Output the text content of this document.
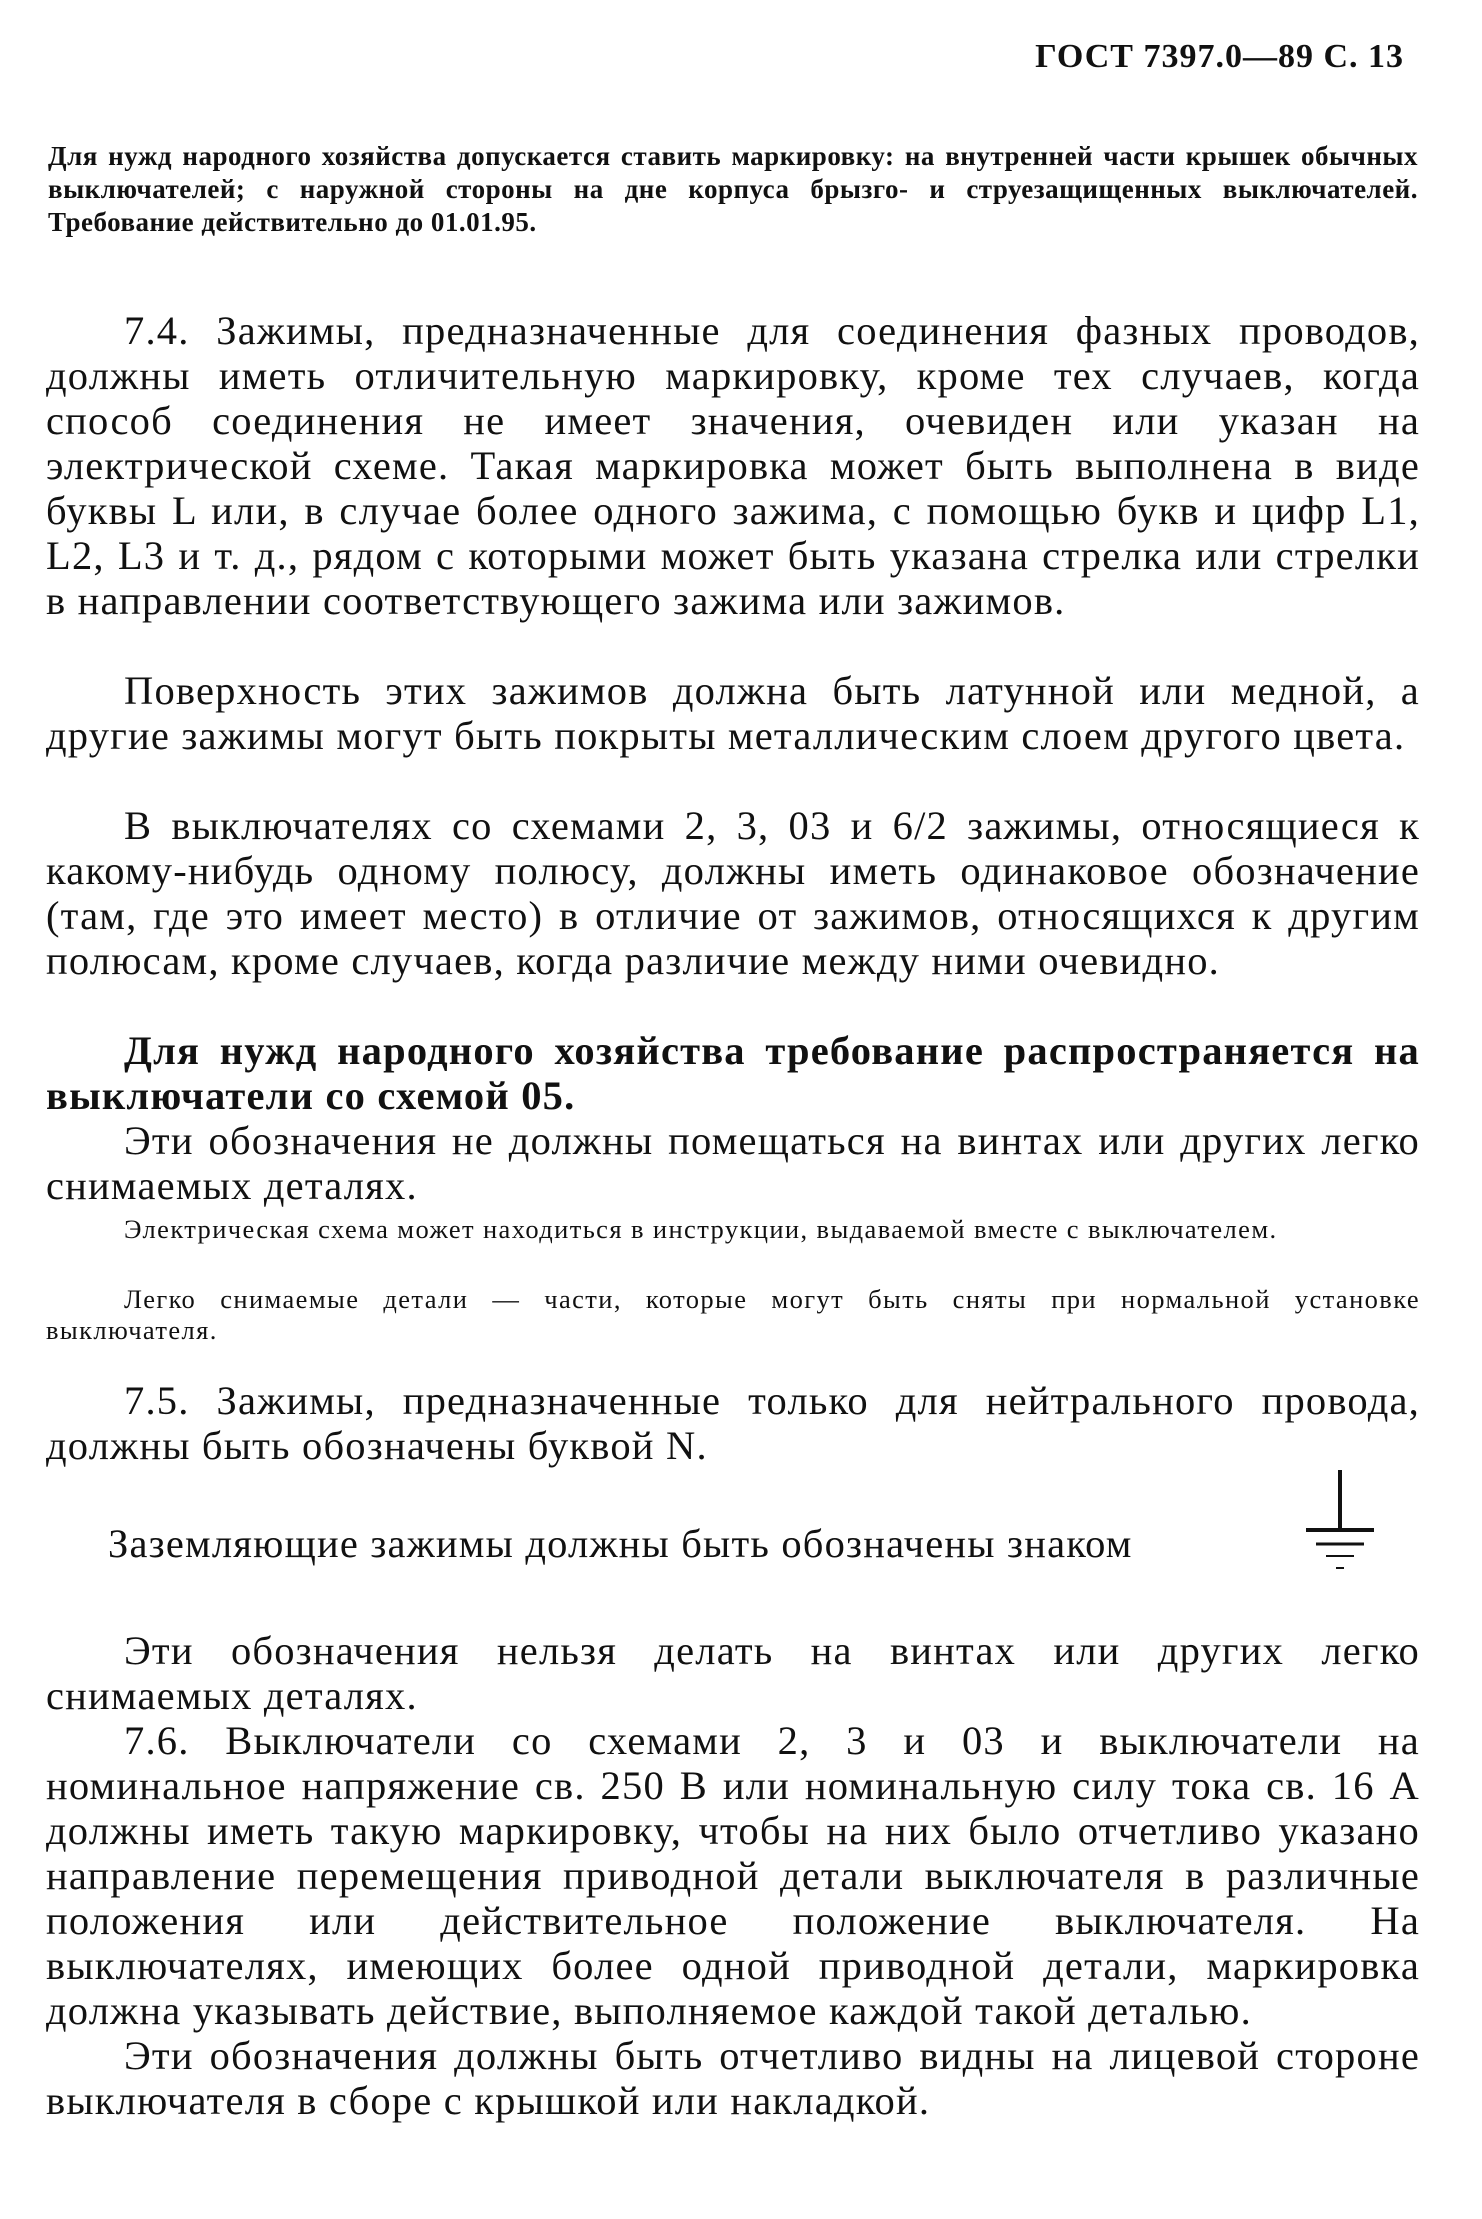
ГОСТ 7397.0—89 С. 13
Для нужд народного хозяйства допускается ставить маркировку: на внутренней части крышек обычных выключателей; с наружной стороны на дне корпуса брызго- и струезащищенных выключателей. Требование действительно до 01.01.95.
7.4. Зажимы, предназначенные для соединения фазных проводов, должны иметь отличительную маркировку, кроме тех случаев, когда способ соединения не имеет значения, очевиден или указан на электрической схеме. Такая маркировка может быть выполнена в виде буквы L или, в случае более одного зажима, с помощью букв и цифр L1, L2, L3 и т. д., рядом с которыми может быть указана стрелка или стрелки в направлении соответствующего зажима или зажимов.
Поверхность этих зажимов должна быть латунной или медной, а другие зажимы могут быть покрыты металлическим слоем другого цвета.
В выключателях со схемами 2, 3, 03 и 6/2 зажимы, относящиеся к какому-нибудь одному полюсу, должны иметь одинаковое обозначение (там, где это имеет место) в отличие от зажимов, относящихся к другим полюсам, кроме случаев, когда различие между ними очевидно.
Для нужд народного хозяйства требование распространяется на выключатели со схемой 05.
Эти обозначения не должны помещаться на винтах или других легко снимаемых деталях.
Электрическая схема может находиться в инструкции, выдаваемой вместе с выключателем.
Легко снимаемые детали — части, которые могут быть сняты при нормальной установке выключателя.
7.5. Зажимы, предназначенные только для нейтрального провода, должны быть обозначены буквой N.
Заземляющие зажимы должны быть обозначены знаком
Эти обозначения нельзя делать на винтах или других легко снимаемых деталях.
7.6. Выключатели со схемами 2, 3 и 03 и выключатели на номинальное напряжение св. 250 В или номинальную силу тока св. 16 А должны иметь такую маркировку, чтобы на них было отчетливо указано направление перемещения приводной детали выключателя в различные положения или действительное положение выключателя. На выключателях, имеющих более одной приводной детали, маркировка должна указывать действие, выполняемое каждой такой деталью.
Эти обозначения должны быть отчетливо видны на лицевой стороне выключателя в сборе с крышкой или накладкой.
